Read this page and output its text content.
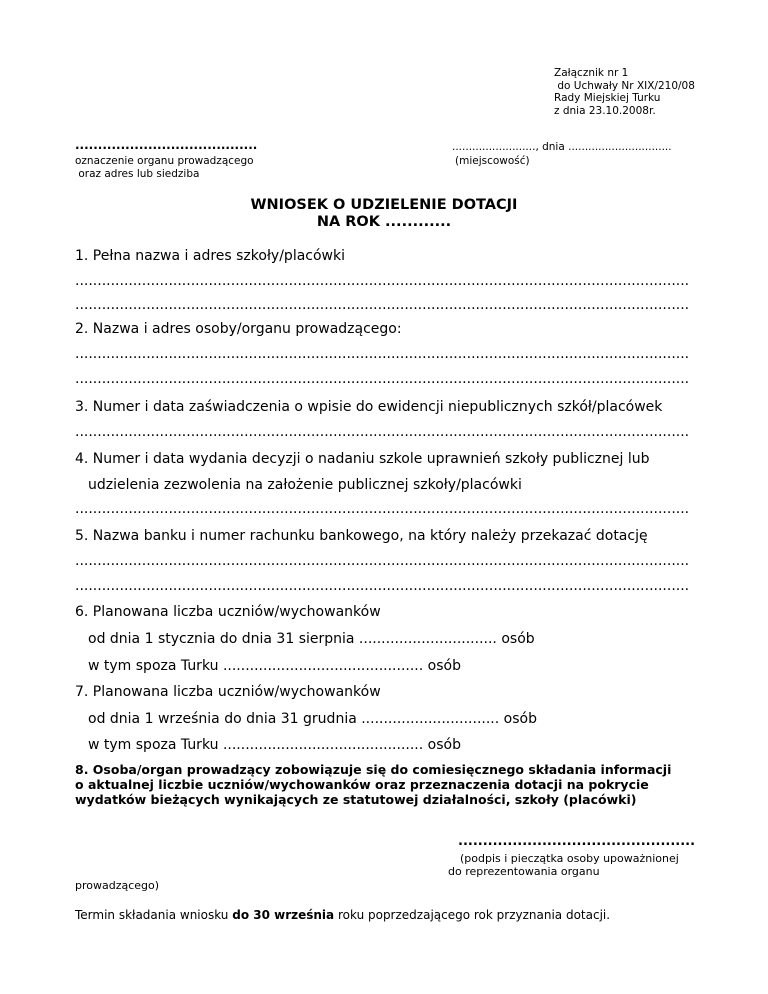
Załącznik nr 1
do Uchwały Nr XIX/210/08
Rady Miejskiej Turku
z dnia 23.10.2008r.
........................................
oznaczenie organu prowadzącego
oraz adres lub siedziba
........................., dnia ...............................
(miejscowość)
WNIOSEK O UDZIELENIE DOTACJI
NA ROK ............
1. Pełna nazwa i adres szkoły/placówki
..........................................................................................................................................
..........................................................................................................................................
2. Nazwa i adres osoby/organu prowadzącego:
..........................................................................................................................................
..........................................................................................................................................
3. Numer i data zaświadczenia o wpisie do ewidencji niepublicznych szkół/placówek
..........................................................................................................................................
4. Numer i data wydania decyzji o nadaniu szkole uprawnień szkoły publicznej lub
udzielenia zezwolenia na założenie publicznej szkoły/placówki
..........................................................................................................................................
5. Nazwa banku i numer rachunku bankowego, na który należy przekazać dotację
..........................................................................................................................................
..........................................................................................................................................
6. Planowana liczba uczniów/wychowanków
od dnia 1 stycznia do dnia 31 sierpnia ............................... osób
w tym spoza Turku ............................................. osób
7. Planowana liczba uczniów/wychowanków
od dnia 1 września do dnia 31 grudnia ............................... osób
w tym spoza Turku ............................................. osób
8. Osoba/organ prowadzący zobowiązuje się do comiesięcznego składania informacji o aktualnej liczbie uczniów/wychowanków oraz przeznaczenia dotacji na pokrycie wydatków bieżących wynikających ze statutowej działalności, szkoły (placówki)
................................................
(podpis i pieczątka osoby upoważnionej
do reprezentowania organu
prowadzącego)
Termin składania wniosku do 30 września roku poprzedzającego rok przyznania dotacji.
